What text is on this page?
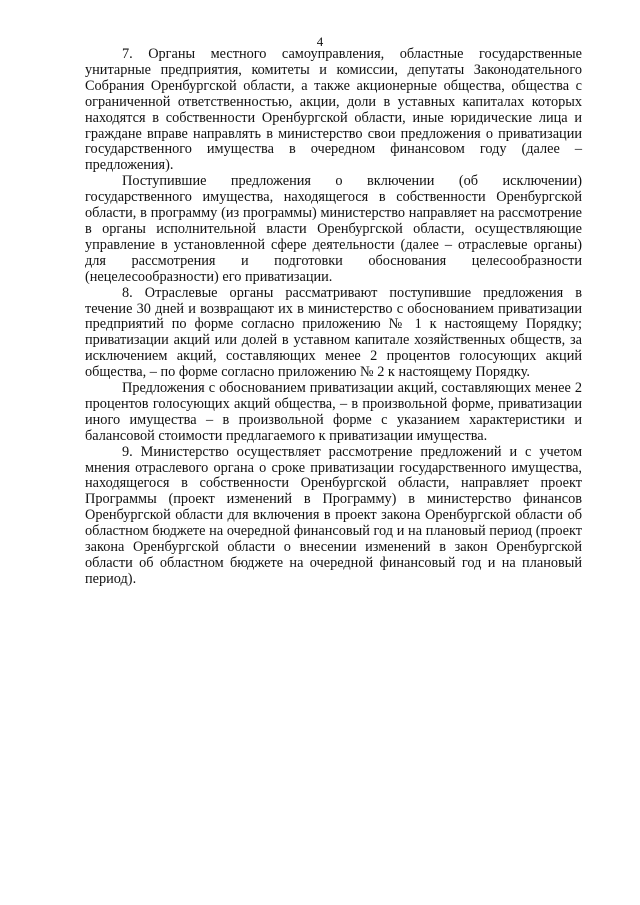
4

7. Органы местного самоуправления, областные государственные унитарные предприятия, комитеты и комиссии, депутаты Законодательного Собрания Оренбургской области, а также акционерные общества, общества с ограниченной ответственностью, акции, доли в уставных капиталах которых находятся в собственности Оренбургской области, иные юридические лица и граждане вправе направлять в министерство свои предложения о приватизации государственного имущества в очередном финансовом году (далее – предложения).

Поступившие предложения о включении (об исключении) государственного имущества, находящегося в собственности Оренбургской области, в программу (из программы) министерство направляет на рассмотрение в органы исполнительной власти Оренбургской области, осуществляющие управление в установленной сфере деятельности (далее – отраслевые органы) для рассмотрения и подготовки обоснования целесообразности (нецелесообразности) его приватизации.

8. Отраслевые органы рассматривают поступившие предложения в течение 30 дней и возвращают их в министерство с обоснованием приватизации предприятий по форме согласно приложению № 1 к настоящему Порядку; приватизации акций или долей в уставном капитале хозяйственных обществ, за исключением акций, составляющих менее 2 процентов голосующих акций общества, – по форме согласно приложению № 2 к настоящему Порядку.

Предложения с обоснованием приватизации акций, составляющих менее 2 процентов голосующих акций общества, – в произвольной форме, приватизации иного имущества – в произвольной форме с указанием характеристики и балансовой стоимости предлагаемого к приватизации имущества.

9. Министерство осуществляет рассмотрение предложений и с учетом мнения отраслевого органа о сроке приватизации государственного имущества, находящегося в собственности Оренбургской области, направляет проект Программы (проект изменений в Программу) в министерство финансов Оренбургской области для включения в проект закона Оренбургской области об областном бюджете на очередной финансовый год и на плановый период (проект закона Оренбургской области о внесении изменений в закон Оренбургской области об областном бюджете на очередной финансовый год и на плановый период).
